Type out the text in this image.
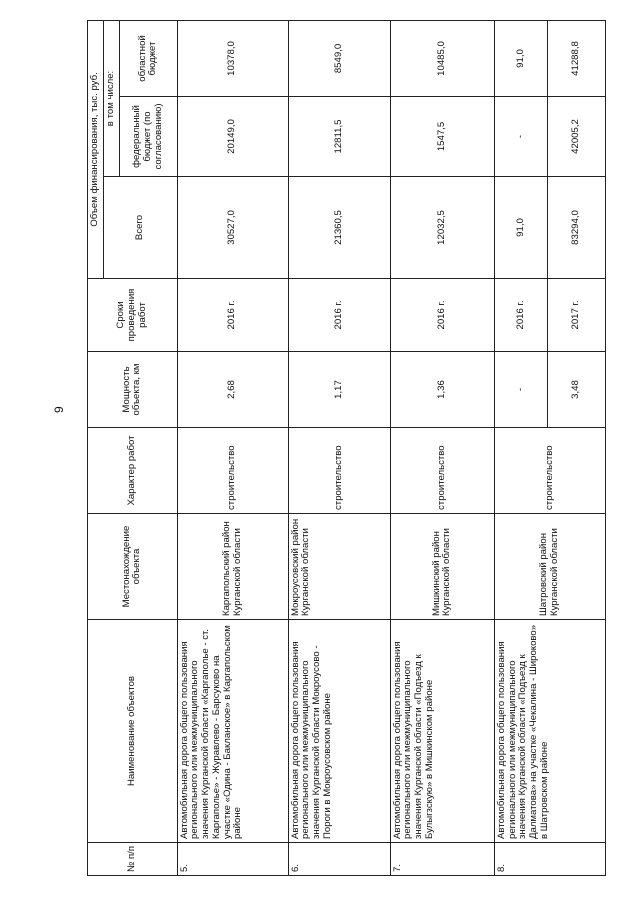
9
№ п/п	Наименование объектов	Местонахождение объекта	Характер работ	Мощность объекта, км	Сроки проведения работ	Объем финансирования, тыс. руб.		
						Всего	в том числе:	
							федеральный бюджет (по согласованию)	областной бюджет
5.	Автомобильная дорога общего пользования регионального или межмуниципального значения Курганской области «Каргаполье - ст. Каргаполье» - Журавлево - Барсуково на участке «Одина - Бакланское» в Каргапольском районе	Каргапольский район Курганской области	строительство	2,68	2016 г.	30527,0	20149,0	10378,0
6.	Автомобильная дорога общего пользования регионального или межмуниципального значения Курганской области Мокроусово - Пороги в Мокроусовском районе	Мокроусовский район Курганской области	строительство	1,17	2016 г.	21360,5	12811,5	8549,0
7.	Автомобильная дорога общего пользования регионального или межмуниципального значения Курганской области «Подъезд к Булыгзскую» в Мишкинском районе	Мишкинский район Курганской области	строительство	1,36	2016 г.	12032,5	1547,5	10485,0
8.	Автомобильная дорога общего пользования регионального или межмуниципального значения Курганской области «Подъезд к Далматова» на участке «Чекалина - Широково» в Шатровском районе	Шатровский район Курганской области	строительство	-	2016 г.	91,0	-	91,0
				3,48	2017 г.	83294,0	42005,2	41288,8
